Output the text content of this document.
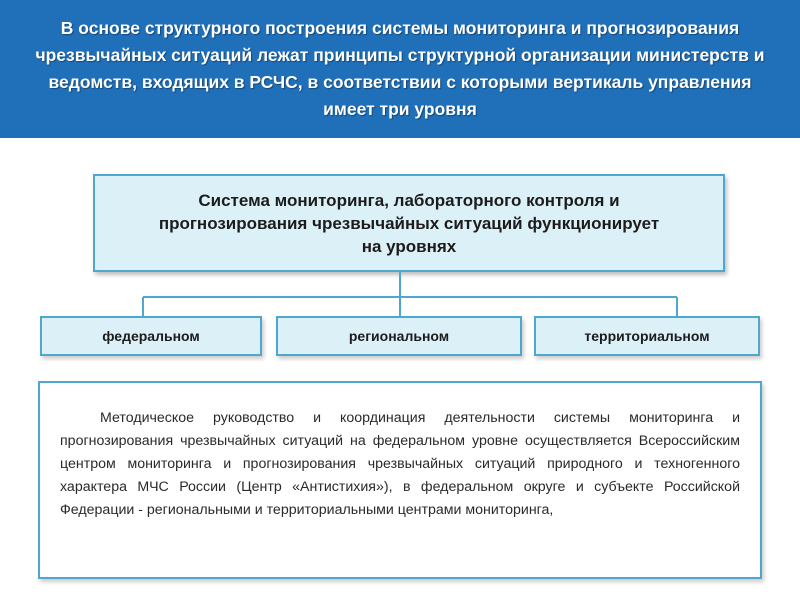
В основе структурного построения системы мониторинга и прогнозирования чрезвычайных ситуаций лежат принципы структурной организации министерств и ведомств, входящих в РСЧС, в соответствии с которыми вертикаль управления имеет три уровня

Система мониторинга, лабораторного контроля и прогнозирования чрезвычайных ситуаций функционирует на уровнях

федеральном	региональном	территориальном

Методическое руководство и координация деятельности системы мониторинга и прогнозирования чрезвычайных ситуаций на федеральном уровне осуществляется Всероссийским центром мониторинга и прогнозирования чрезвычайных ситуаций природного и техногенного характера МЧС России (Центр «Антистихия»), в федеральном округе и субъекте Российской Федерации - региональными и территориальными центрами мониторинга,
